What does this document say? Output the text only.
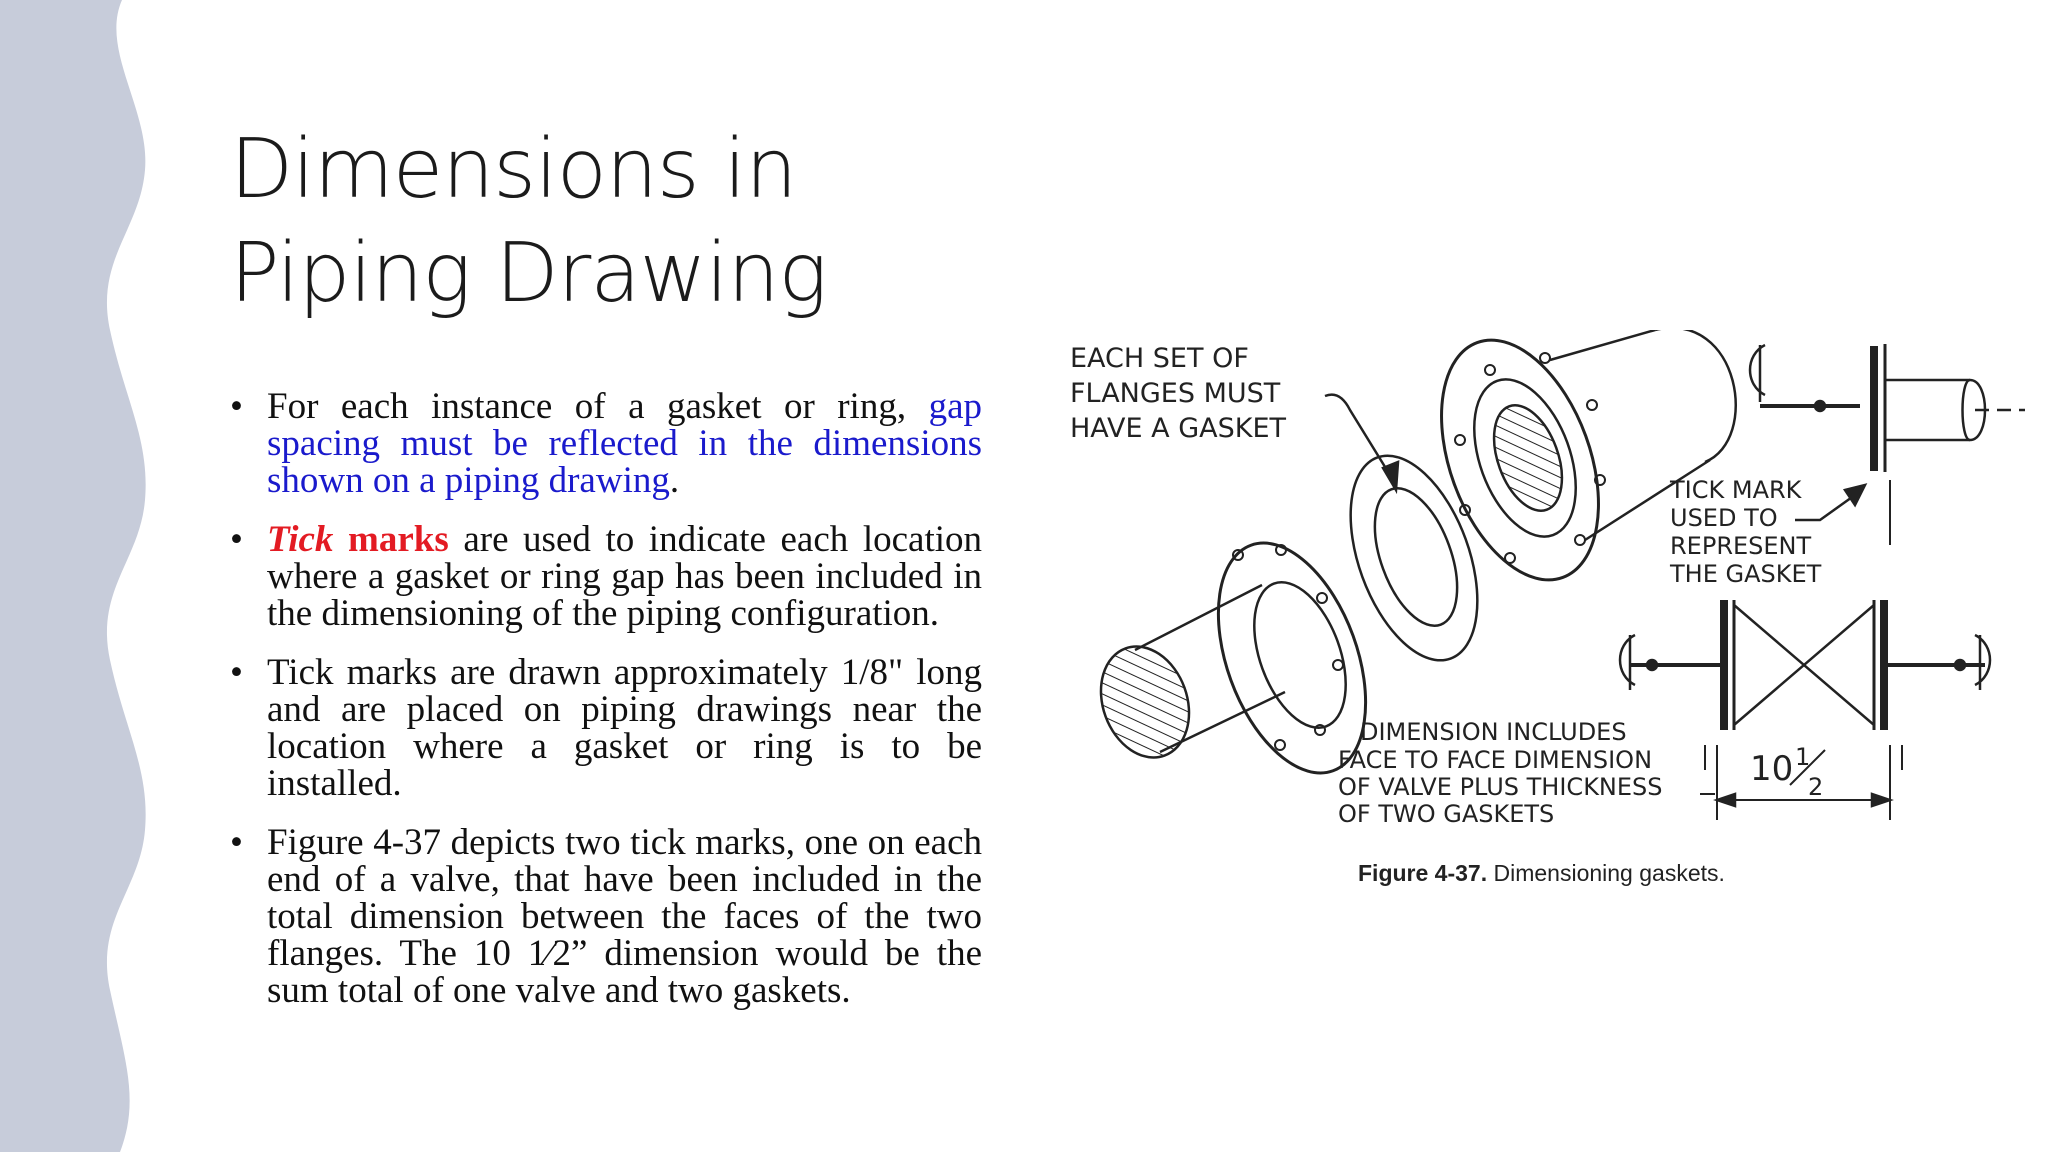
Dimensions in
Piping Drawing
• For each instance of a gasket or ring, gap spacing must be reflected in the dimensions shown on a piping drawing.
• Tick marks are used to indicate each location where a gasket or ring gap has been included in the dimensioning of the piping configuration.
• Tick marks are drawn approximately 1/8" long and are placed on piping drawings near the location where a gasket or ring is to be installed.
• Figure 4-37 depicts two tick marks, one on each end of a valve, that have been included in the total dimension between the faces of the two flanges. The 10 1⁄2” dimension would be the sum total of one valve and two gaskets.
EACH SET OF
FLANGES MUST
HAVE A GASKET
TICK MARK
USED TO
REPRESENT
THE GASKET
10 1
2
DIMENSION INCLUDES
FACE TO FACE DIMENSION
OF VALVE PLUS THICKNESS
OF TWO GASKETS
Figure 4-37. Dimensioning gaskets.
